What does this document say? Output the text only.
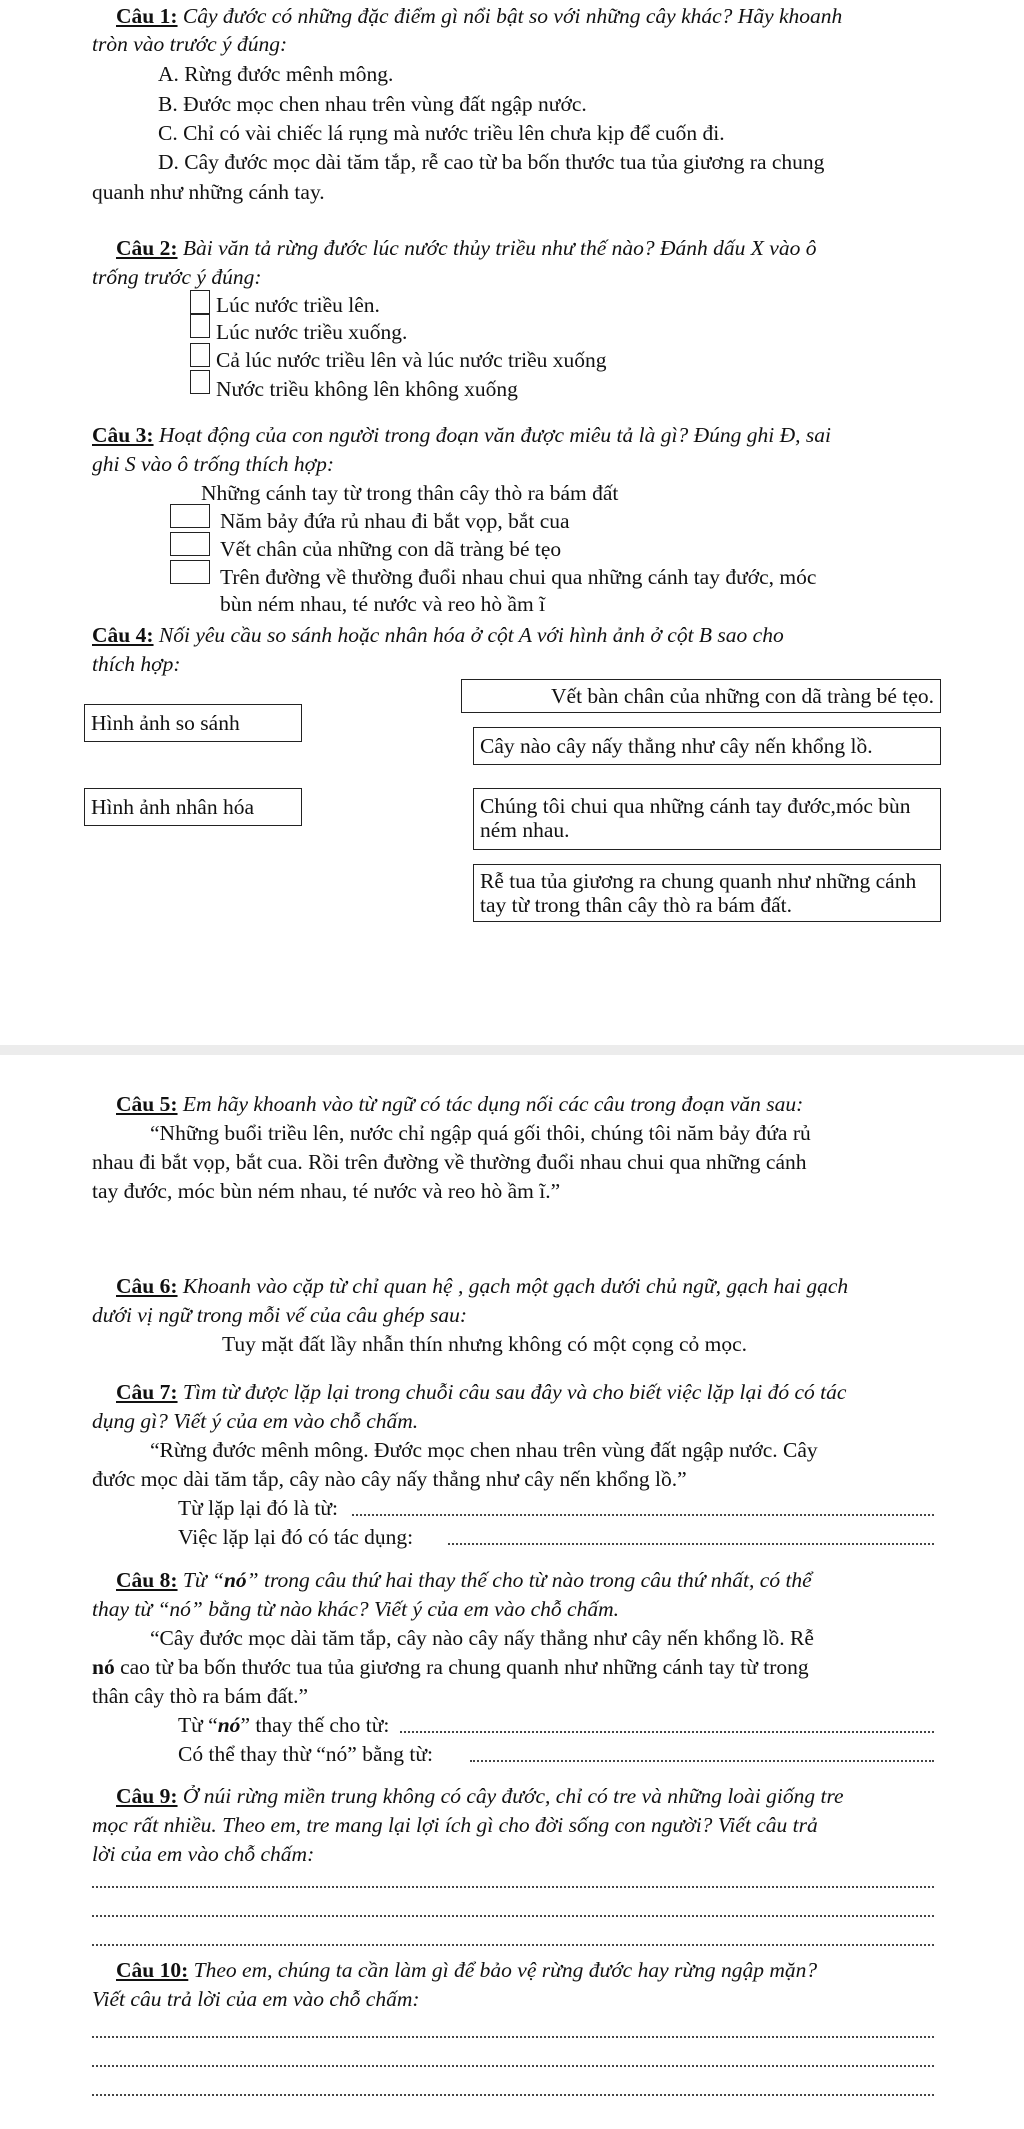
Câu 1: Cây đước có những đặc điểm gì nổi bật so với những cây khác? Hãy khoanh
tròn vào trước ý đúng:
A. Rừng đước mênh mông.
B. Đước mọc chen nhau trên vùng đất ngập nước.
C. Chỉ có vài chiếc lá rụng mà nước triều lên chưa kịp để cuốn đi.
D. Cây đước mọc dài tăm tắp, rễ cao từ ba bốn thước tua tủa giương ra chung
quanh như những cánh tay.
Câu 2: Bài văn tả rừng đước lúc nước thủy triều như thế nào? Đánh dấu X vào ô
trống trước ý đúng:
Lúc nước triều lên.
Lúc nước triều xuống.
Cả lúc nước triều lên và lúc nước triều xuống
Nước triều không lên không xuống
Câu 3: Hoạt động của con người trong đoạn văn được miêu tả là gì? Đúng ghi Đ, sai
ghi S vào ô trống thích hợp:
Những cánh tay từ trong thân cây thò ra bám đất
Năm bảy đứa rủ nhau đi bắt vọp, bắt cua
Vết chân của những con dã tràng bé tẹo
Trên đường về thường đuổi nhau chui qua những cánh tay đước, móc
bùn ném nhau, té nước và reo hò ầm ĩ
Câu 4: Nối yêu cầu so sánh hoặc nhân hóa ở cột A với hình ảnh ở cột B sao cho
thích hợp:
Vết bàn chân của những con dã tràng bé tẹo.
Hình ảnh so sánh
Cây nào cây nấy thẳng như cây nến khổng lồ.
Hình ảnh nhân hóa	Chúng tôi chui qua những cánh tay đước,móc bùn ném nhau.
Rễ tua tủa giương ra chung quanh như những cánh tay từ trong thân cây thò ra bám đất.
Câu 5: Em hãy khoanh vào từ ngữ có tác dụng nối các câu trong đoạn văn sau:
“Những buổi triều lên, nước chỉ ngập quá gối thôi, chúng tôi năm bảy đứa rủ
nhau đi bắt vọp, bắt cua. Rồi trên đường về thường đuổi nhau chui qua những cánh
tay đước, móc bùn ném nhau, té nước và reo hò ầm ĩ.”
Câu 6: Khoanh vào cặp từ chỉ quan hệ , gạch một gạch dưới chủ ngữ, gạch hai gạch
dưới vị ngữ trong mỗi vế của câu ghép sau:
Tuy mặt đất lầy nhẫn thín nhưng không có một cọng cỏ mọc.
Câu 7: Tìm từ được lặp lại trong chuỗi câu sau đây và cho biết việc lặp lại đó có tác
dụng gì? Viết ý của em vào chỗ chấm.
“Rừng đước mênh mông. Đước mọc chen nhau trên vùng đất ngập nước. Cây
đước mọc dài tăm tắp, cây nào cây nấy thẳng như cây nến khổng lồ.”
Từ lặp lại đó là từ:
Việc lặp lại đó có tác dụng:
Câu 8: Từ “nó” trong câu thứ hai thay thế cho từ nào trong câu thứ nhất, có thể
thay từ “nó” bằng từ nào khác? Viết ý của em vào chỗ chấm.
“Cây đước mọc dài tăm tắp, cây nào cây nấy thẳng như cây nến khổng lồ. Rễ
nó cao từ ba bốn thước tua tủa giương ra chung quanh như những cánh tay từ trong
thân cây thò ra bám đất.”
Từ “nó” thay thế cho từ:
Có thể thay thừ “nó” bằng từ:
Câu 9: Ở núi rừng miền trung không có cây đước, chỉ có tre và những loài giống tre
mọc rất nhiều. Theo em, tre mang lại lợi ích gì cho đời sống con người? Viết câu trả
lời của em vào chỗ chấm:
Câu 10: Theo em, chúng ta cần làm gì để bảo vệ rừng đước hay rừng ngập mặn?
Viết câu trả lời của em vào chỗ chấm:
